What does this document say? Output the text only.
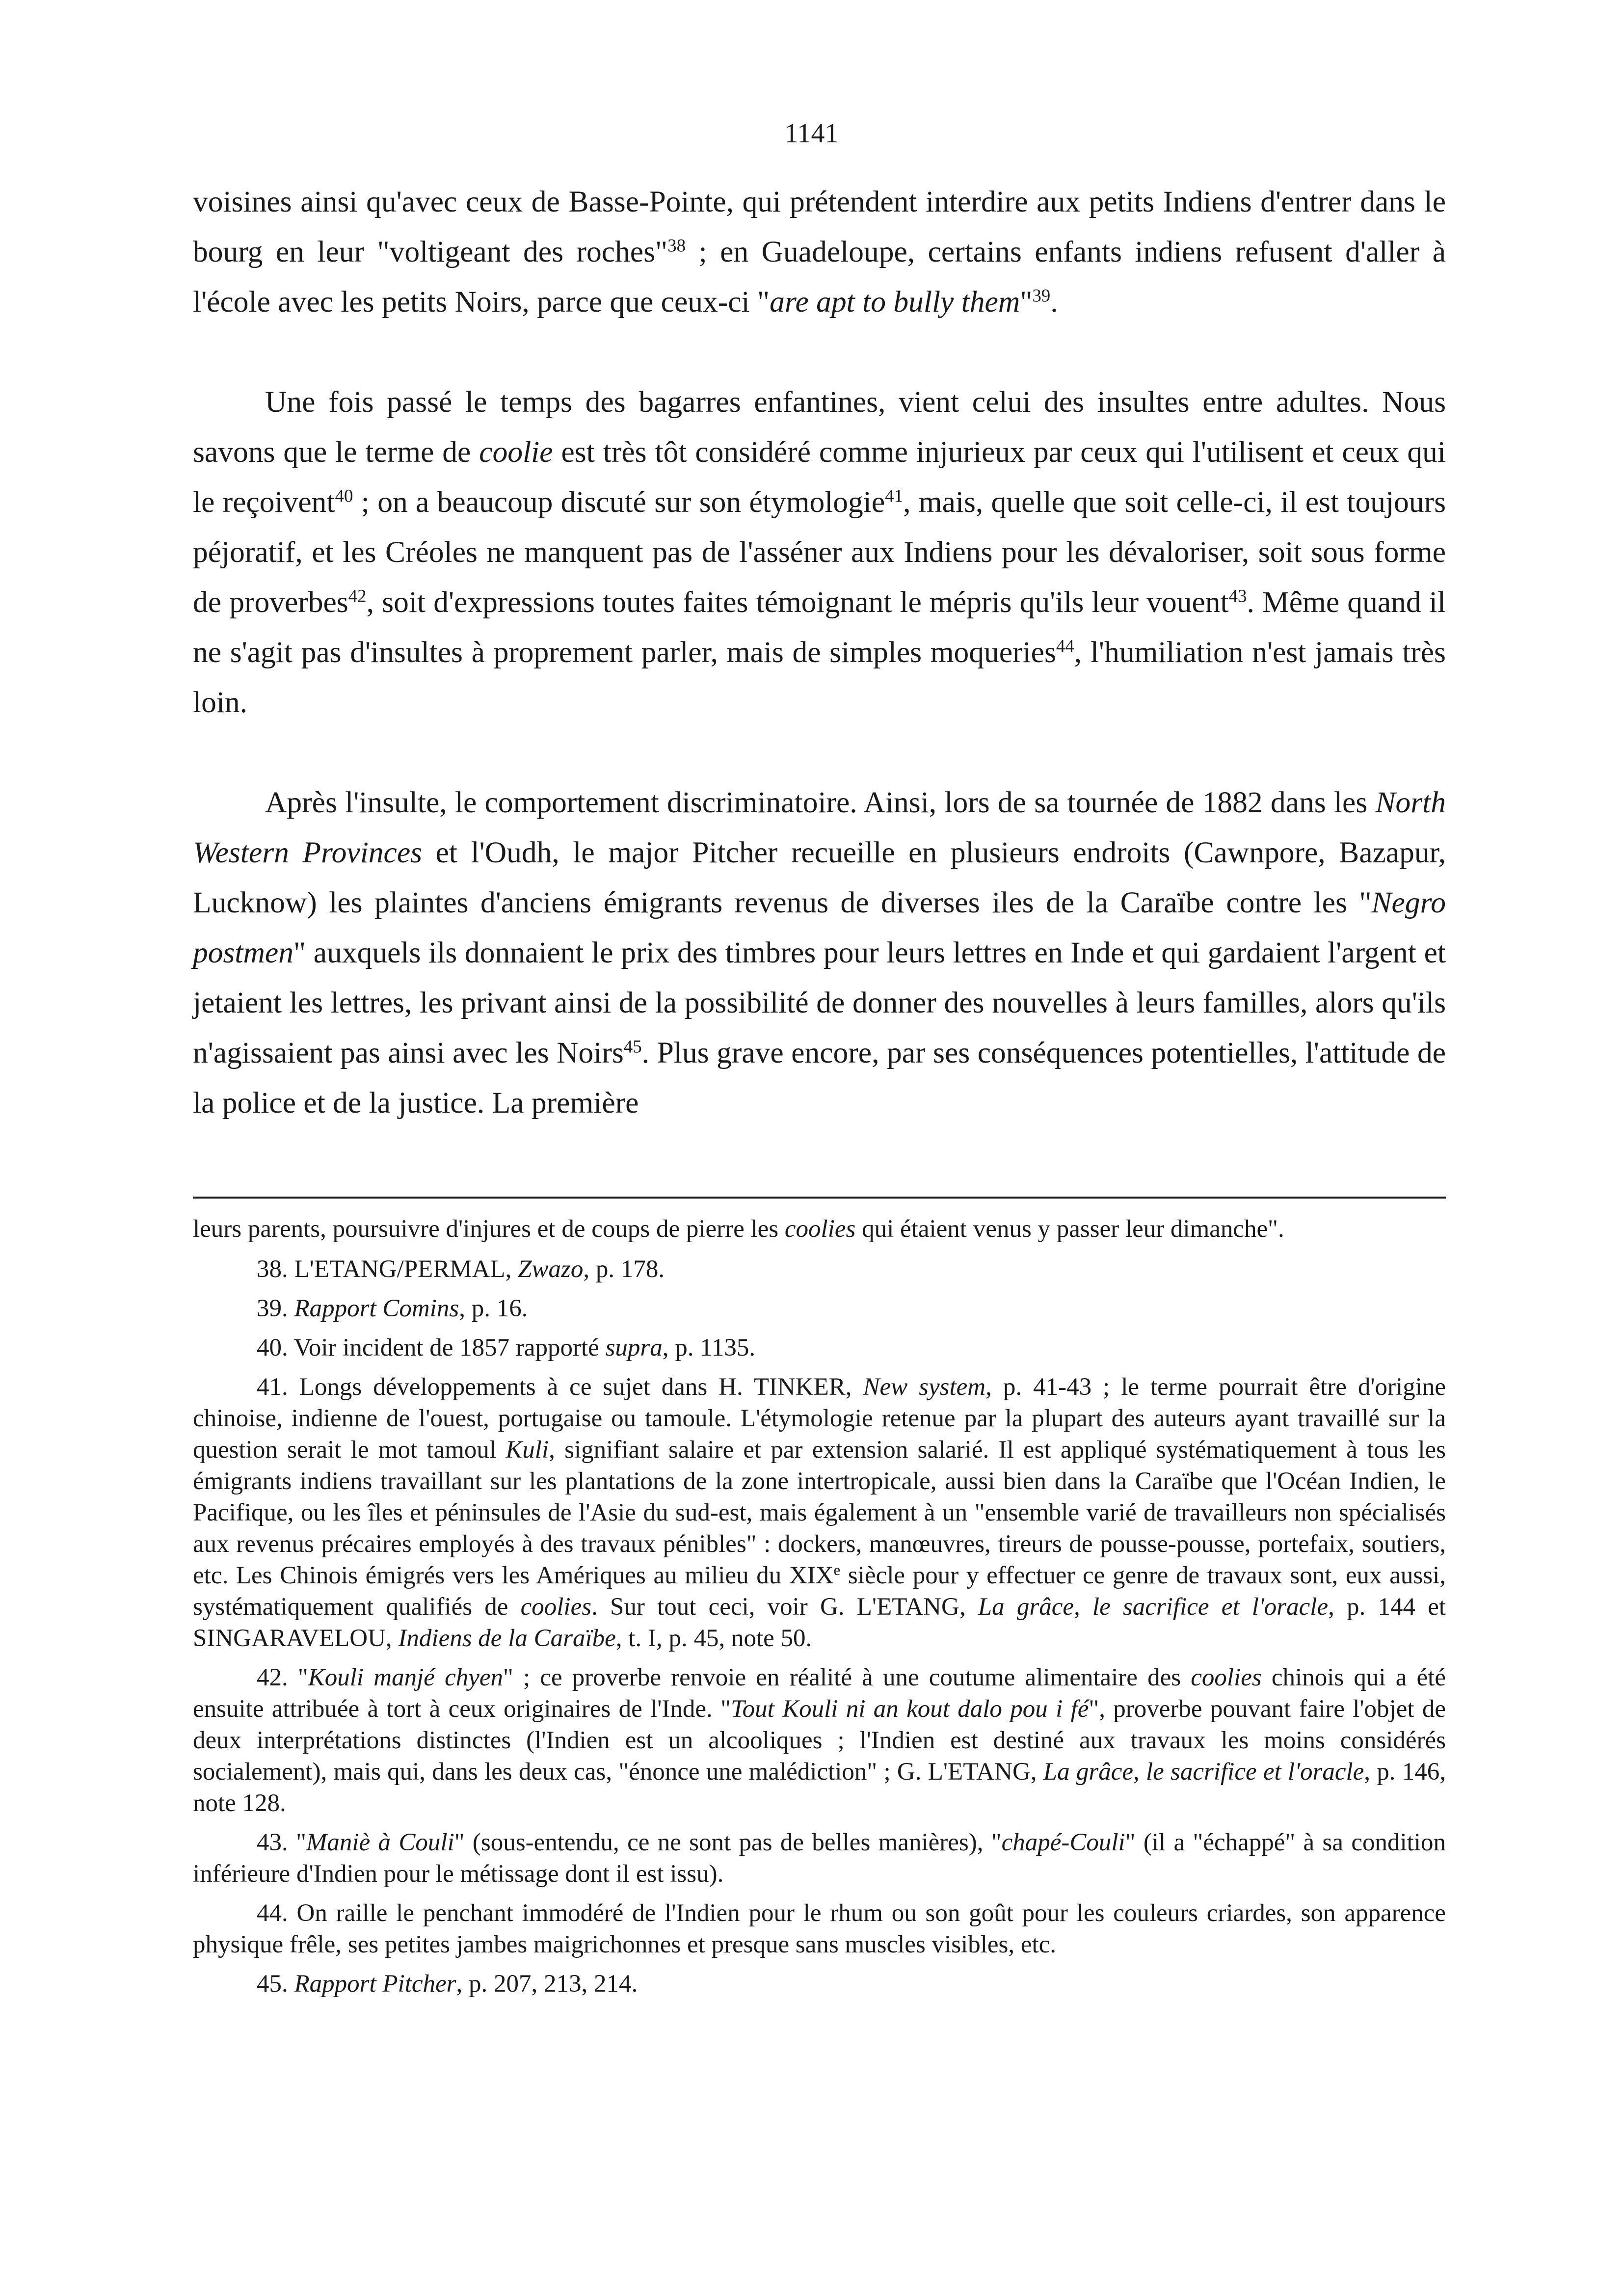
1141

voisines ainsi qu'avec ceux de Basse-Pointe, qui prétendent interdire aux petits Indiens d'entrer dans le bourg en leur "voltigeant des roches"$^{38}$ ; en Guadeloupe, certains enfants indiens refusent d'aller à l'école avec les petits Noirs, parce que ceux-ci "are apt to bully them"$^{39}$.

Une fois passé le temps des bagarres enfantines, vient celui des insultes entre adultes. Nous savons que le terme de coolie est très tôt considéré comme injurieux par ceux qui l'utilisent et ceux qui le reçoivent$^{40}$ ; on a beaucoup discuté sur son étymologie$^{41}$, mais, quelle que soit celle-ci, il est toujours péjoratif, et les Créoles ne manquent pas de l'asséner aux Indiens pour les dévaloriser, soit sous forme de proverbes$^{42}$, soit d'expressions toutes faites témoignant le mépris qu'ils leur vouent$^{43}$. Même quand il ne s'agit pas d'insultes à proprement parler, mais de simples moqueries$^{44}$, l'humiliation n'est jamais très loin.

Après l'insulte, le comportement discriminatoire. Ainsi, lors de sa tournée de 1882 dans les North Western Provinces et l'Oudh, le major Pitcher recueille en plusieurs endroits (Cawnpore, Bazapur, Lucknow) les plaintes d'anciens émigrants revenus de diverses iles de la Caraïbe contre les "Negro postmen" auxquels ils donnaient le prix des timbres pour leurs lettres en Inde et qui gardaient l'argent et jetaient les lettres, les privant ainsi de la possibilité de donner des nouvelles à leurs familles, alors qu'ils n'agissaient pas ainsi avec les Noirs$^{45}$. Plus grave encore, par ses conséquences potentielles, l'attitude de la police et de la justice. La première

leurs parents, poursuivre d'injures et de coups de pierre les coolies qui étaient venus y passer leur dimanche".

38. L'ETANG/PERMAL, Zwazo, p. 178.

39. Rapport Comins, p. 16.

40. Voir incident de 1857 rapporté supra, p. 1135.

41. Longs développements à ce sujet dans H. TINKER, New system, p. 41-43 ; le terme pourrait être d'origine chinoise, indienne de l'ouest, portugaise ou tamoule. L'étymologie retenue par la plupart des auteurs ayant travaillé sur la question serait le mot tamoul Kuli, signifiant salaire et par extension salarié. Il est appliqué systématiquement à tous les émigrants indiens travaillant sur les plantations de la zone intertropicale, aussi bien dans la Caraïbe que l'Océan Indien, le Pacifique, ou les îles et péninsules de l'Asie du sud-est, mais également à un "ensemble varié de travailleurs non spécialisés aux revenus précaires employés à des travaux pénibles" : dockers, manœuvres, tireurs de pousse-pousse, portefaix, soutiers, etc. Les Chinois émigrés vers les Amériques au milieu du XIXe siècle pour y effectuer ce genre de travaux sont, eux aussi, systématiquement qualifiés de coolies. Sur tout ceci, voir G. L'ETANG, La grâce, le sacrifice et l'oracle, p. 144 et SINGARAVELOU, Indiens de la Caraïbe, t. I, p. 45, note 50.

42. "Kouli manjé chyen" ; ce proverbe renvoie en réalité à une coutume alimentaire des coolies chinois qui a été ensuite attribuée à tort à ceux originaires de l'Inde. "Tout Kouli ni an kout dalo pou i fé", proverbe pouvant faire l'objet de deux interprétations distinctes (l'Indien est un alcooliques ; l'Indien est destiné aux travaux les moins considérés socialement), mais qui, dans les deux cas, "énonce une malédiction" ; G. L'ETANG, La grâce, le sacrifice et l'oracle, p. 146, note 128.

43. "Maniè à Couli" (sous-entendu, ce ne sont pas de belles manières), "chapé-Couli" (il a "échappé" à sa condition inférieure d'Indien pour le métissage dont il est issu).

44. On raille le penchant immodéré de l'Indien pour le rhum ou son goût pour les couleurs criardes, son apparence physique frêle, ses petites jambes maigrichonnes et presque sans muscles visibles, etc.

45. Rapport Pitcher, p. 207, 213, 214.
